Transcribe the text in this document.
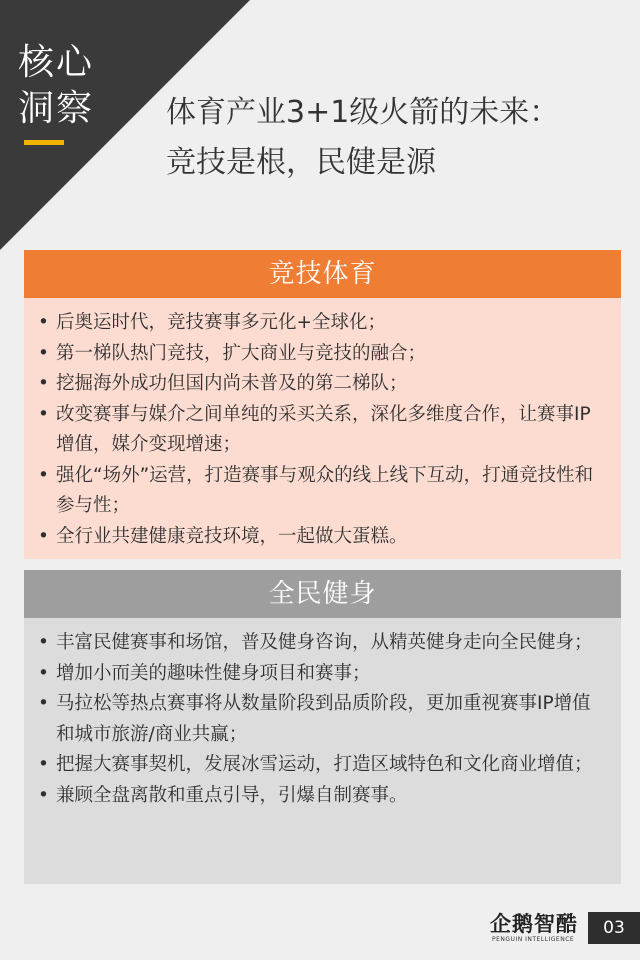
核心
洞察	体育产业3+1级火箭的未来：
竞技是根，民健是源
竞技体育
• 后奥运时代，竞技赛事多元化+全球化；
• 第一梯队热门竞技，扩大商业与竞技的融合；
• 挖掘海外成功但国内尚未普及的第二梯队；
• 改变赛事与媒介之间单纯的采买关系，深化多维度合作，让赛事IP增值，媒介变现增速；
• 强化“场外”运营，打造赛事与观众的线上线下互动，打通竞技性和参与性；
• 全行业共建健康竞技环境，一起做大蛋糕。
全民健身
• 丰富民健赛事和场馆，普及健身咨询，从精英健身走向全民健身；
• 增加小而美的趣味性健身项目和赛事；
• 马拉松等热点赛事将从数量阶段到品质阶段，更加重视赛事IP增值和城市旅游/商业共赢；
• 把握大赛事契机，发展冰雪运动，打造区域特色和文化商业增值；
• 兼顾全盘离散和重点引导，引爆自制赛事。
企鹅智酷
PENGUIN INTELLIGENCE
03
